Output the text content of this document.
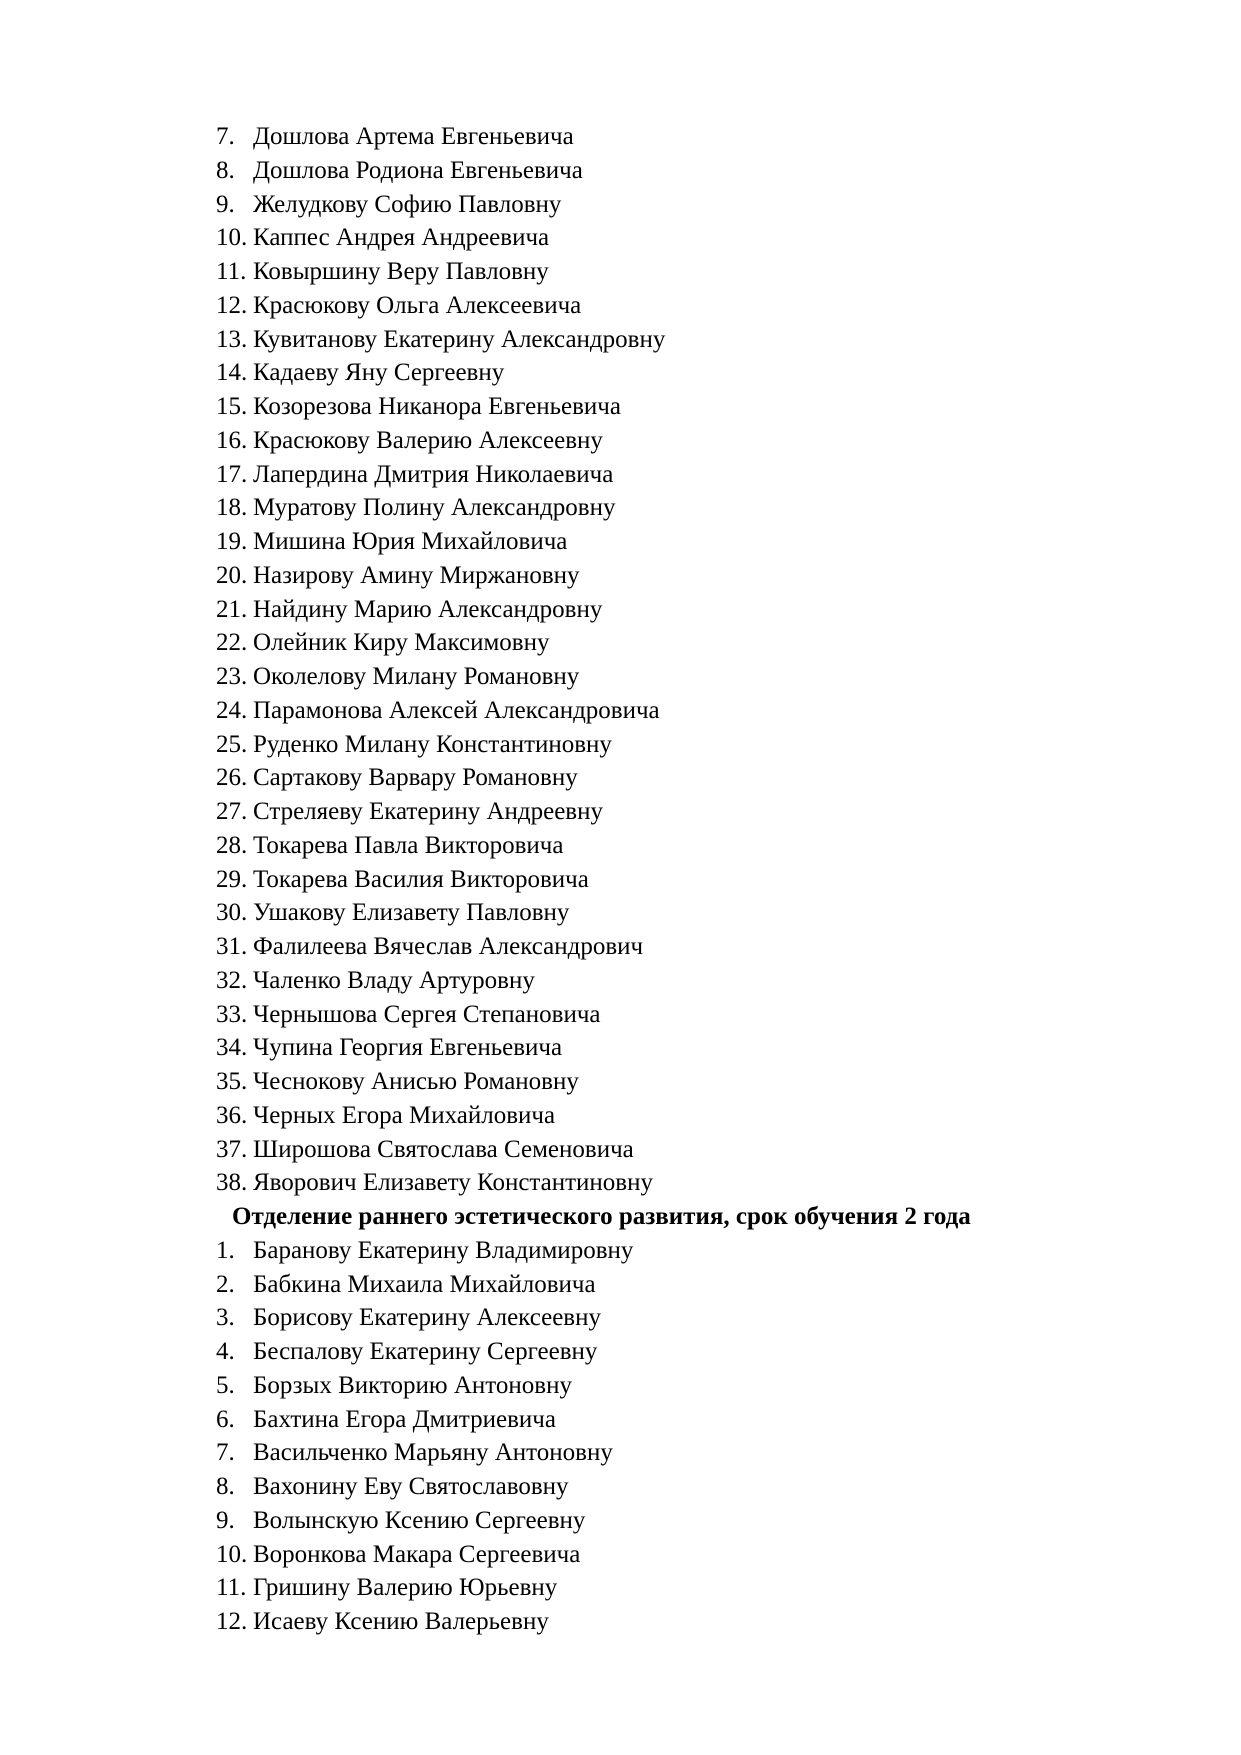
7. Дошлова Артема Евгеньевича
8. Дошлова Родиона Евгеньевича
9. Желудкову Софию Павловну
10. Каппес Андрея Андреевича
11. Ковыршину Веру Павловну
12. Красюкову Ольга Алексеевича
13. Кувитанову Екатерину Александровну
14. Кадаеву Яну Сергеевну
15. Козорезова Никанора Евгеньевича
16. Красюкову Валерию Алексеевну
17. Лапердина Дмитрия Николаевича
18. Муратову Полину Александровну
19. Мишина Юрия Михайловича
20. Назирову Амину Миржановну
21. Найдину Марию Александровну
22. Олейник Киру Максимовну
23. Околелову Милану Романовну
24. Парамонова Алексей Александровича
25. Руденко Милану Константиновну
26. Сартакову Варвару Романовну
27. Стреляеву Екатерину Андреевну
28. Токарева Павла Викторовича
29. Токарева Василия Викторовича
30. Ушакову Елизавету Павловну
31. Фалилеева Вячеслав Александрович
32. Чаленко Владу Артуровну
33. Чернышова Сергея Степановича
34. Чупина Георгия Евгеньевича
35. Чеснокову Анисью Романовну
36. Черных Егора Михайловича
37. Широшова Святослава Семеновича
38. Яворович Елизавету Константиновну
Отделение раннего эстетического развития, срок обучения 2 года
1. Баранову Екатерину Владимировну
2. Бабкина Михаила Михайловича
3. Борисову Екатерину Алексеевну
4. Беспалову Екатерину Сергеевну
5. Борзых Викторию Антоновну
6. Бахтина Егора Дмитриевича
7. Васильченко Марьяну Антоновну
8. Вахонину Еву Святославовну
9. Волынскую Ксению Сергеевну
10. Воронкова Макара Сергеевича
11. Гришину Валерию Юрьевну
12. Исаеву Ксению Валерьевну
